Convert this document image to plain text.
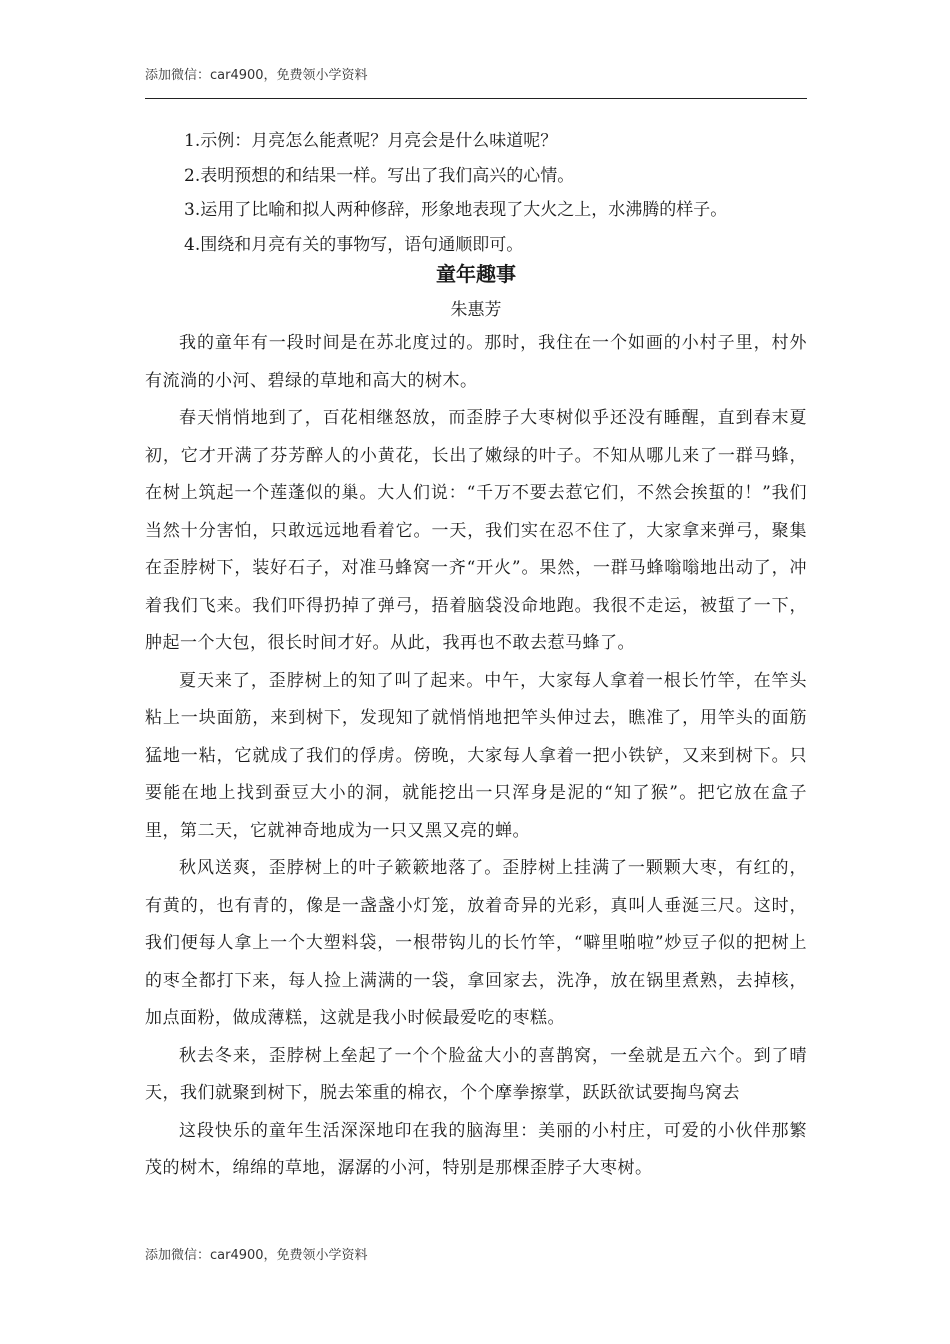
添加微信：car4900，免费领小学资料
1.示例：月亮怎么能煮呢？月亮会是什么味道呢？
2.表明预想的和结果一样。写出了我们高兴的心情。
3.运用了比喻和拟人两种修辞，形象地表现了大火之上，水沸腾的样子。
4.围绕和月亮有关的事物写，语句通顺即可。
童年趣事
朱惠芳

我的童年有一段时间是在苏北度过的。那时，我住在一个如画的小村子里，村外有流淌的小河、碧绿的草地和高大的树木。

春天悄悄地到了，百花相继怒放，而歪脖子大枣树似乎还没有睡醒，直到春末夏初，它才开满了芬芳醉人的小黄花，长出了嫩绿的叶子。不知从哪儿来了一群马蜂，在树上筑起一个莲蓬似的巢。大人们说：“千万不要去惹它们，不然会挨蜇的！”我们当然十分害怕，只敢远远地看着它。一天，我们实在忍不住了，大家拿来弹弓，聚集在歪脖树下，装好石子，对准马蜂窝一齐“开火”。果然，一群马蜂嗡嗡地出动了，冲着我们飞来。我们吓得扔掉了弹弓，捂着脑袋没命地跑。我很不走运，被蜇了一下，肿起一个大包，很长时间才好。从此，我再也不敢去惹马蜂了。

夏天来了，歪脖树上的知了叫了起来。中午，大家每人拿着一根长竹竿，在竿头粘上一块面筋，来到树下，发现知了就悄悄地把竿头伸过去，瞧准了，用竿头的面筋猛地一粘，它就成了我们的俘虏。傍晚，大家每人拿着一把小铁铲，又来到树下。只要能在地上找到蚕豆大小的洞，就能挖出一只浑身是泥的“知了猴”。把它放在盒子里，第二天，它就神奇地成为一只又黑又亮的蝉。

秋风送爽，歪脖树上的叶子簌簌地落了。歪脖树上挂满了一颗颗大枣，有红的，有黄的，也有青的，像是一盏盏小灯笼，放着奇异的光彩，真叫人垂涎三尺。这时，我们便每人拿上一个大塑料袋，一根带钩儿的长竹竿，“噼里啪啦”炒豆子似的把树上的枣全都打下来，每人捡上满满的一袋，拿回家去，洗净，放在锅里煮熟，去掉核，加点面粉，做成薄糕，这就是我小时候最爱吃的枣糕。

秋去冬来，歪脖树上垒起了一个个脸盆大小的喜鹊窝，一垒就是五六个。到了晴天，我们就聚到树下，脱去笨重的棉衣，个个摩拳擦掌，跃跃欲试要掏鸟窝去

这段快乐的童年生活深深地印在我的脑海里：美丽的小村庄，可爱的小伙伴那繁茂的树木，绵绵的草地，潺潺的小河，特别是那棵歪脖子大枣树。

添加微信：car4900，免费领小学资料
